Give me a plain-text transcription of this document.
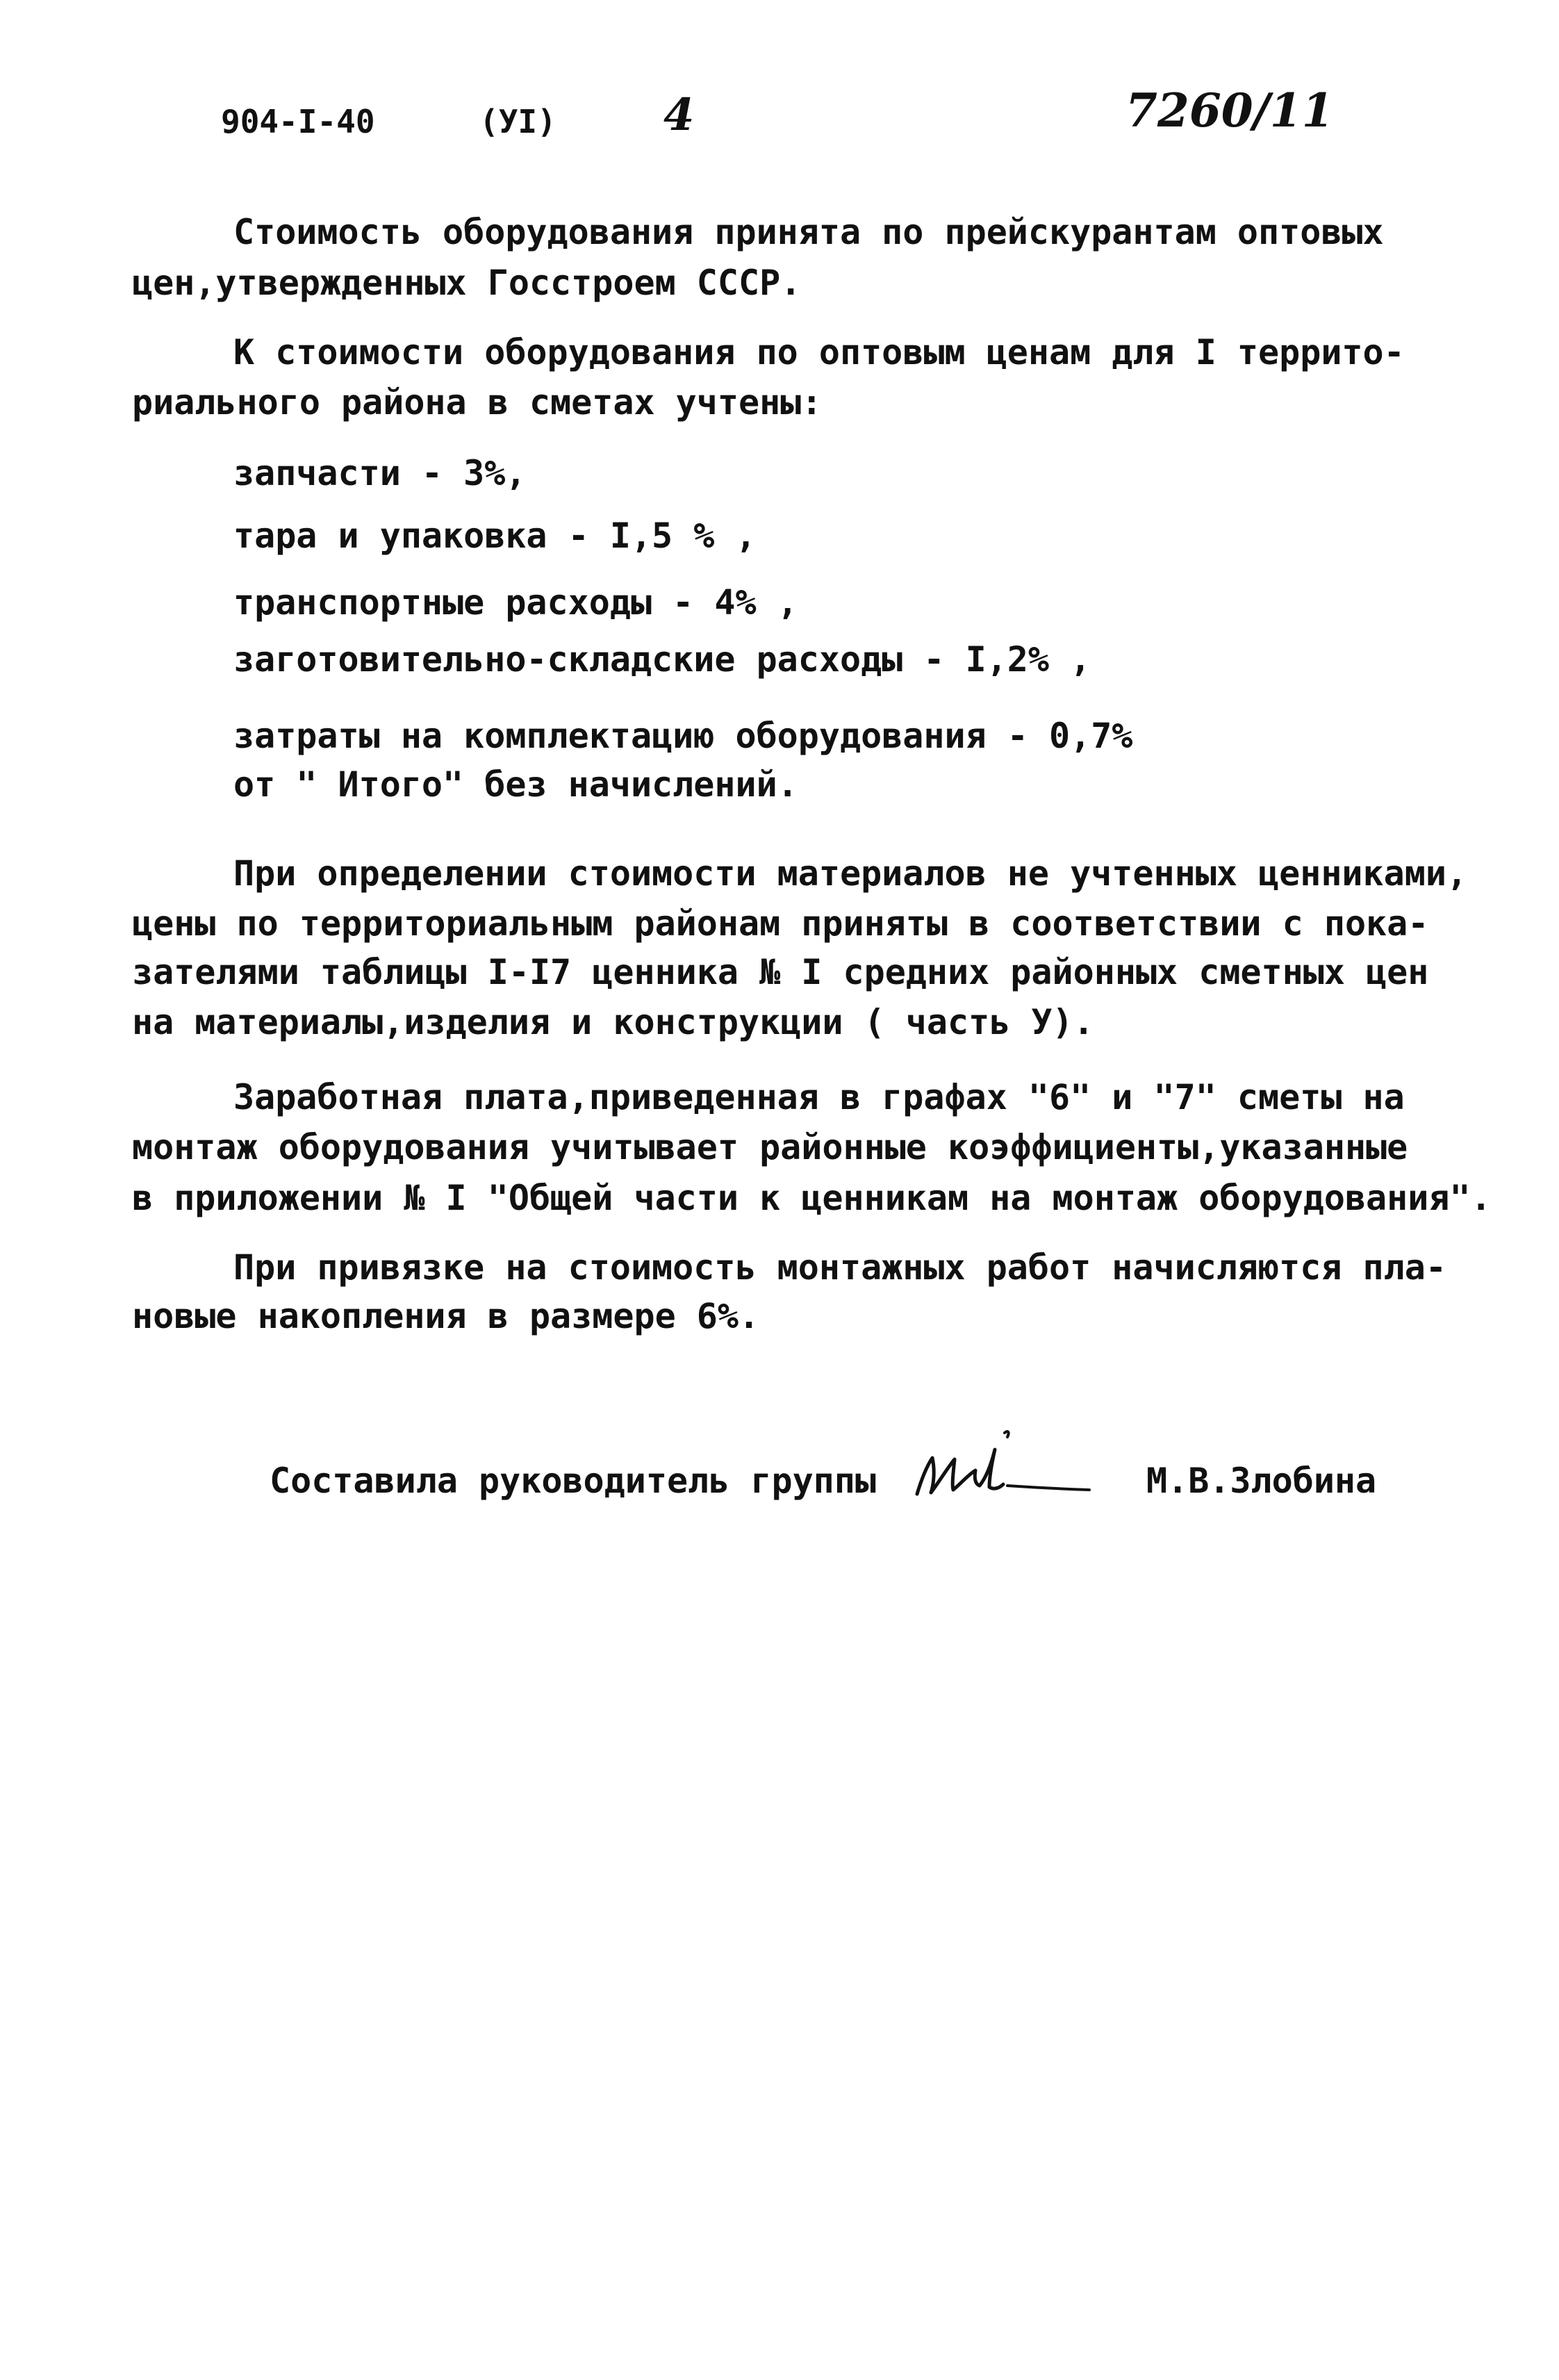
904-I-40	(УI) 4	7260/11
Стоимость оборудования принята по прейскурантам оптовых
цен,утвержденных Госстроем СССР.
К стоимости оборудования по оптовым ценам для I террито-
риального района в сметах учтены:
запчасти - 3%,
тара и упаковка - I,5 % ,
транспортные расходы - 4% ,
заготовительно-складские расходы - I,2% ,
затраты на комплектацию оборудования - 0,7%
от " Итого" без начислений.
При определении стоимости материалов не учтенных ценниками,
цены по территориальным районам приняты в соответствии с пока-
зателями таблицы I-I7 ценника № I средних районных сметных цен
на материалы,изделия и конструкции ( часть У).
Заработная плата,приведенная в графах "6" и "7" сметы на
монтаж оборудования учитывает районные коэффициенты,указанные
в приложении № I "Общей части к ценникам на монтаж оборудования".
При привязке на стоимость монтажных работ начисляются пла-
новые накопления в размере 6%.
Составила руководитель группы	М.В.Злобина
